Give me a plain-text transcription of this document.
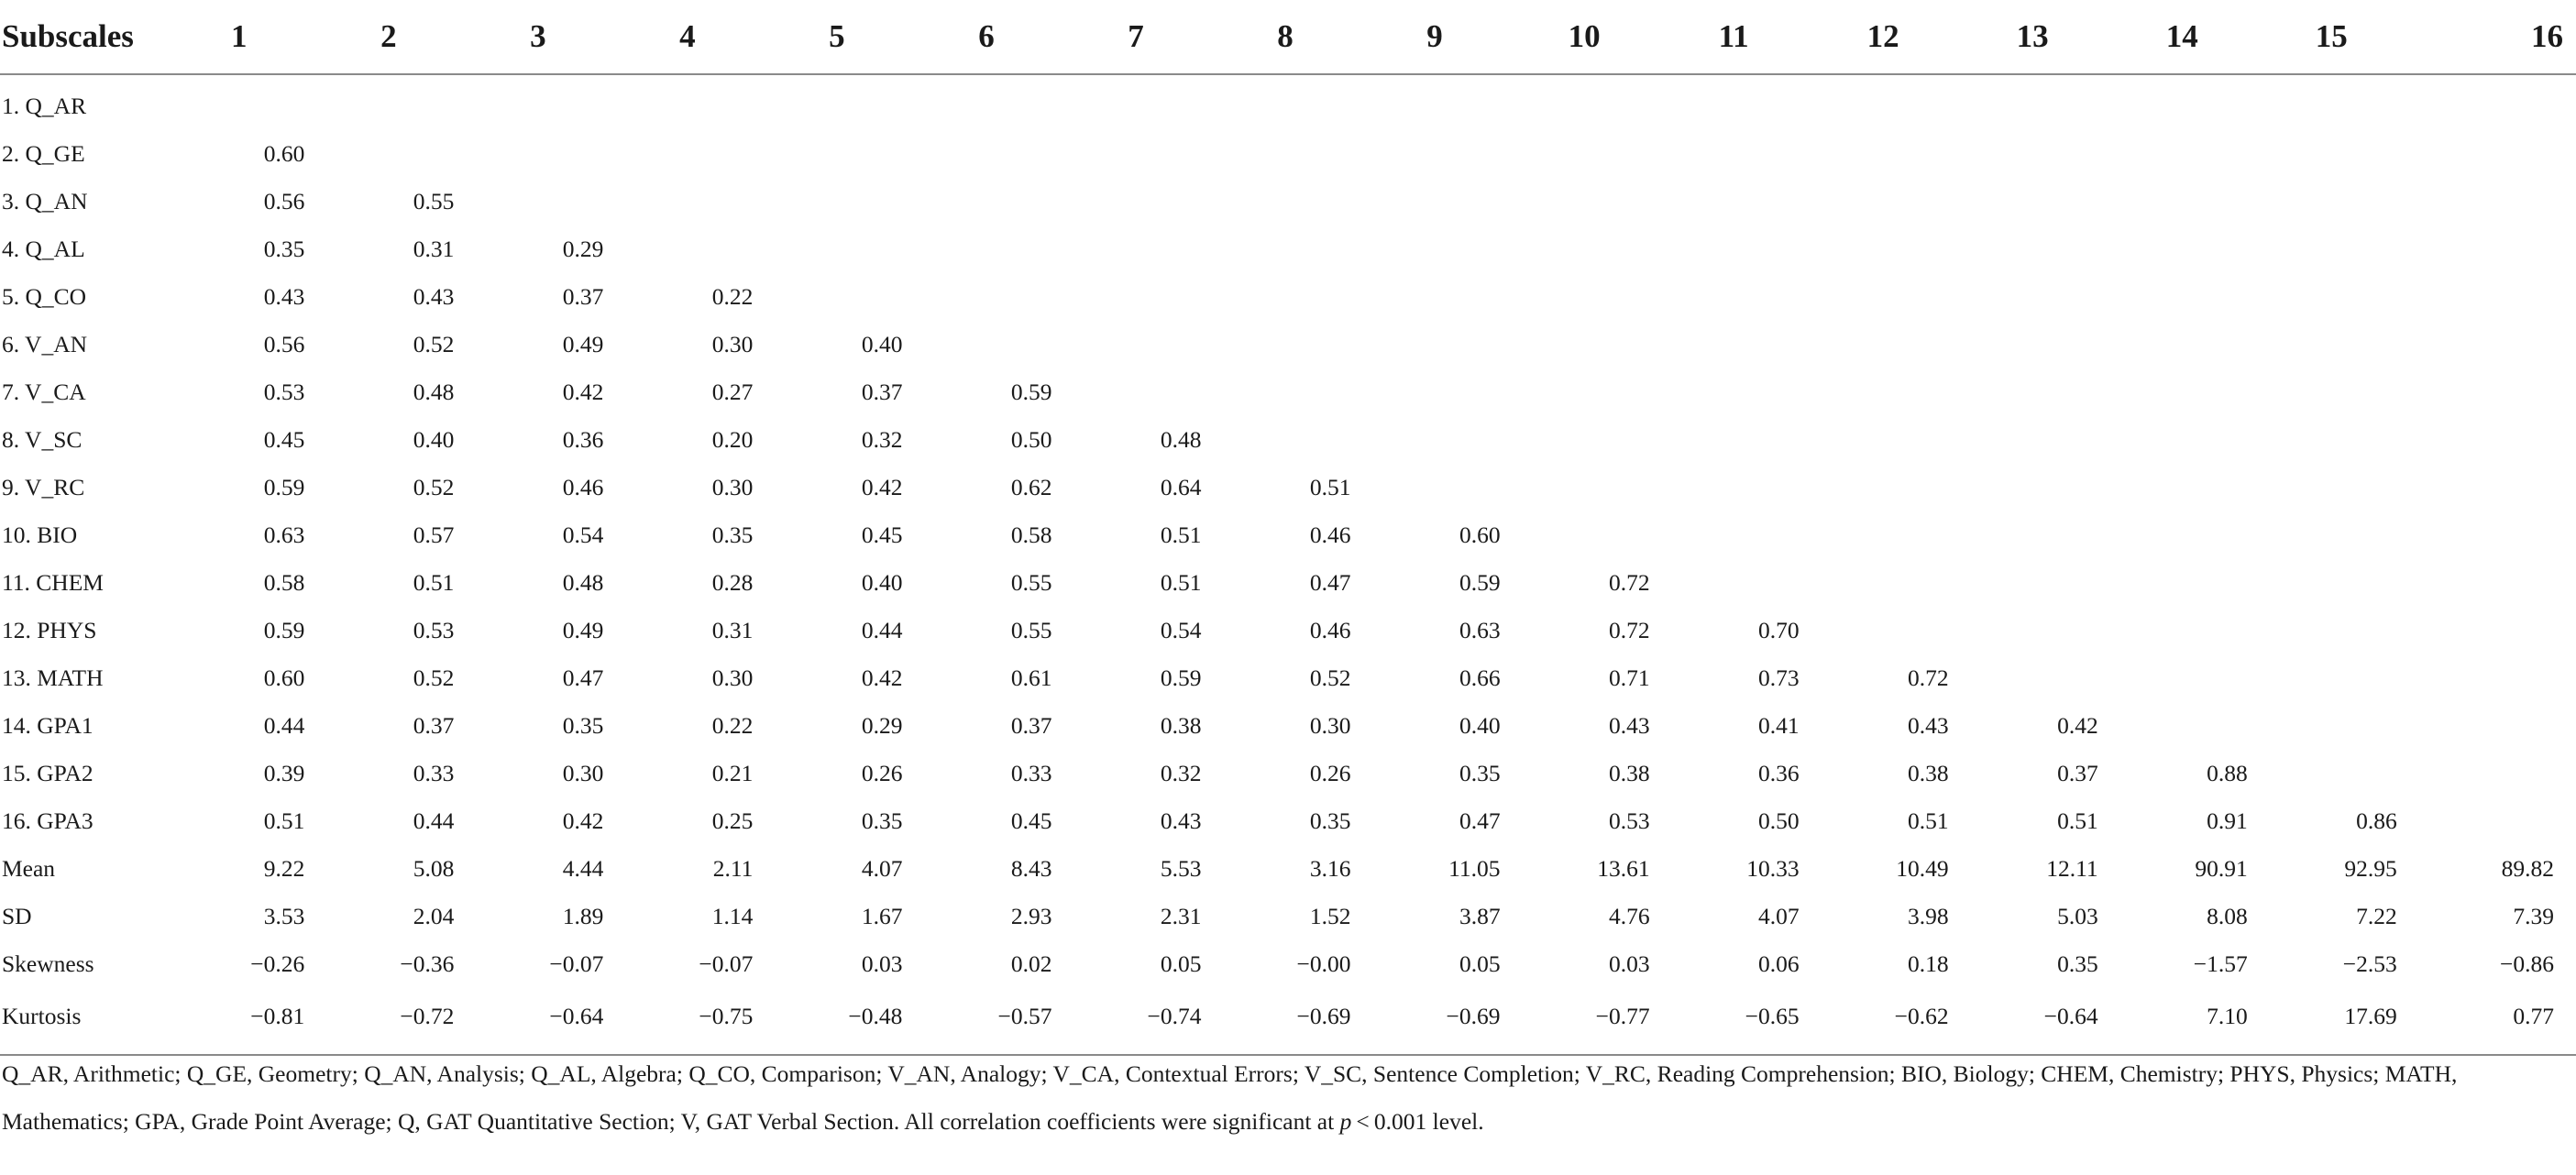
Subscales	1	2	3	4	5	6	7	8	9	10	11	12	13	14	15	16
1. Q_AR																
2. Q_GE	0.60															
3. Q_AN	0.56	0.55														
4. Q_AL	0.35	0.31	0.29													
5. Q_CO	0.43	0.43	0.37	0.22												
6. V_AN	0.56	0.52	0.49	0.30	0.40											
7. V_CA	0.53	0.48	0.42	0.27	0.37	0.59										
8. V_SC	0.45	0.40	0.36	0.20	0.32	0.50	0.48									
9. V_RC	0.59	0.52	0.46	0.30	0.42	0.62	0.64	0.51								
10. BIO	0.63	0.57	0.54	0.35	0.45	0.58	0.51	0.46	0.60							
11. CHEM	0.58	0.51	0.48	0.28	0.40	0.55	0.51	0.47	0.59	0.72						
12. PHYS	0.59	0.53	0.49	0.31	0.44	0.55	0.54	0.46	0.63	0.72	0.70					
13. MATH	0.60	0.52	0.47	0.30	0.42	0.61	0.59	0.52	0.66	0.71	0.73	0.72				
14. GPA1	0.44	0.37	0.35	0.22	0.29	0.37	0.38	0.30	0.40	0.43	0.41	0.43	0.42			
15. GPA2	0.39	0.33	0.30	0.21	0.26	0.33	0.32	0.26	0.35	0.38	0.36	0.38	0.37	0.88		
16. GPA3	0.51	0.44	0.42	0.25	0.35	0.45	0.43	0.35	0.47	0.53	0.50	0.51	0.51	0.91	0.86	
Mean	9.22	5.08	4.44	2.11	4.07	8.43	5.53	3.16	11.05	13.61	10.33	10.49	12.11	90.91	92.95	89.82
SD	3.53	2.04	1.89	1.14	1.67	2.93	2.31	1.52	3.87	4.76	4.07	3.98	5.03	8.08	7.22	7.39
Skewness	−0.26	−0.36	−0.07	−0.07	0.03	0.02	0.05	−0.00	0.05	0.03	0.06	0.18	0.35	−1.57	−2.53	−0.86
Kurtosis	−0.81	−0.72	−0.64	−0.75	−0.48	−0.57	−0.74	−0.69	−0.69	−0.77	−0.65	−0.62	−0.64	7.10	17.69	0.77
Q_AR, Arithmetic; Q_GE, Geometry; Q_AN, Analysis; Q_AL, Algebra; Q_CO, Comparison; V_AN, Analogy; V_CA, Contextual Errors; V_SC, Sentence Completion; V_RC, Reading Comprehension; BIO, Biology; CHEM, Chemistry; PHYS, Physics; MATH, Mathematics; GPA, Grade Point Average; Q, GAT Quantitative Section; V, GAT Verbal Section. All correlation coefficients were significant at p < 0.001 level.
